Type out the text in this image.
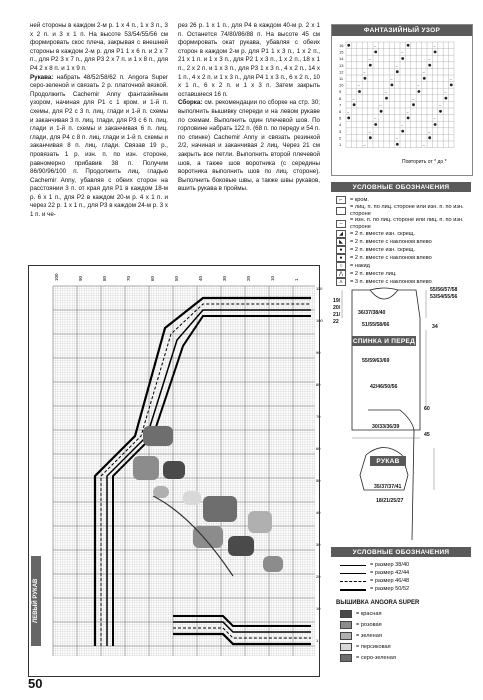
ней стороны в каждом 2-м р. 1 х 4 п., 1 х 3 п., 3 х 2 п. и 3 х 1 п. На высоте 53/54/55/56 см формировать скос плеча, закрывая с внешней стороны в каждом 2-м р. для Р1 1 х 6 п. и 2 х 7 п., для Р2 3 х 7 п., для Р3 2 х 7 п. и 1 х 8 п., для Р4 2 х 8 п. и 1 х 9 п.

Рукава: набрать 48/52/58/62 п. Angora Super серо-зеленой и связать 2 р. платочной вязкой. Продолжить Cachemir Anny фантазийным узором, начиная для Р1 с 1 кром. и 1-й п. схемы, для Р2 с 3 п. лиц. глади и 1-й п. схемы и заканчивая 3 п. лиц. глади, для Р3 с 6 п. лиц. глади и 1-й п. схемы и заканчивая 6 п. лиц. глади, для Р4 с 8 п. лиц. глади и 1-й п. схемы и заканчивая 8 п. лиц. глади. Связав 19 р., провязать 1 р. изн. п. по изн. стороне, равномерно прибавив 38 п. Получим 86/90/96/100 п. Продолжить лиц. гладью Cachemir Anny, убавляя с обеих сторон на расстоянии 3 п. от края для Р1 в каждом 18-м р. 6 х 1 п., для Р2 в каждом 20-м р. 4 х 1 п. и через 22 р. 1 х 1 п., для Р3 в каждом 24-м р. 3 х 1 п. и че-

рез 26 р. 1 х 1 п., для Р4 в каждом 40-м р. 2 х 1 п. Останется 74/80/86/88 п. На высоте 45 см формировать окат рукава, убавляя с обеих сторон в каждом 2-м р. для Р1 1 х 3 п., 1 х 2 п., 21 х 1 п. и 1 х 3 п., для Р2 1 х 3 п., 1 х 2 п., 18 х 1 п., 2 х 2 п. и 1 х 3 п., для Р3 1 х 3 п., 4 х 2 п., 14 х 1 п., 4 х 2 п. и 1 х 3 п., для Р4 1 х 3 п., 6 х 2 п., 10 х 1 п., 6 х 2 п. и 1 х 3 п. Затем закрыть оставшиеся 16 п.

Сборка: см. рекомендации по сборке на стр. 30; выполнить вышивку спереди и на левом рукаве по схемам. Выполнить один плечевой шов. По горловине набрать 122 п. (68 п. по переду и 54 п. по спинке) Cachemir Anny и связать резинкой 2/2, начиная и заканчивая 2 лиц. Через 21 см закрыть все петли. Выполнить второй плечевой шов, а также шов воротника (с середины воротника выполнить шов по лиц. стороне). Выполнить боковые швы, а также швы рукавов, вшить рукава в проймы.

ФАНТАЗИЙНЫЙ УЗОР
16	–	–
15	–
14	–	–
13	–
12	–	–
11	–	–
10	–	–
9	–	–
8	–	–
7	–	–
6 –	–
5	–	–
4	–
3	–	–
2	–
1	–	–
Повторить от * до *
УСЛОВНЫЕ ОБОЗНАЧЕНИЯ
⌐	= кром.
= лиц. п. по лиц. стороне или изн. п. по изн. стороне
–
= изн. п. по лиц. стороне или лиц. п. по изн. стороне
◢	= 2 п. вместе изн. скрещ.
◣	= 2 п. вместе с наклоном влево
●	= 2 п. вместе изн. скрещ.
●	= 2 п. вместе с наклоном влево
○	= накид
⋀	= 2 п. вместе лиц.
⋏	= 3 п. вместе с наклоном влево
СПИНКА И ПЕРЕД
РУКАВ
55/56/57/58
53/54/55/56
19/
20/
21/
22
36/37/38/40
51/55/58/66	34
55/59/63/69
42/46/50/56
30/33/36/39
60
45
35/37/37/41
18/21/25/27
УСЛОВНЫЕ ОБОЗНАЧЕНИЯ
= размер 38/40
= размер 42/44
= размер 46/48
= размер 50/52
ВЫШИВКА ANGORA SUPER
= красная
= розовая
= зеленая
= персиковая
= серо-зеленая
100	90	80	70	60	50	40	30	20	10	1
110
100
90
80
70
60
50
40
30
20
10
1
ЛЕВЫЙ РУКАВ
50
